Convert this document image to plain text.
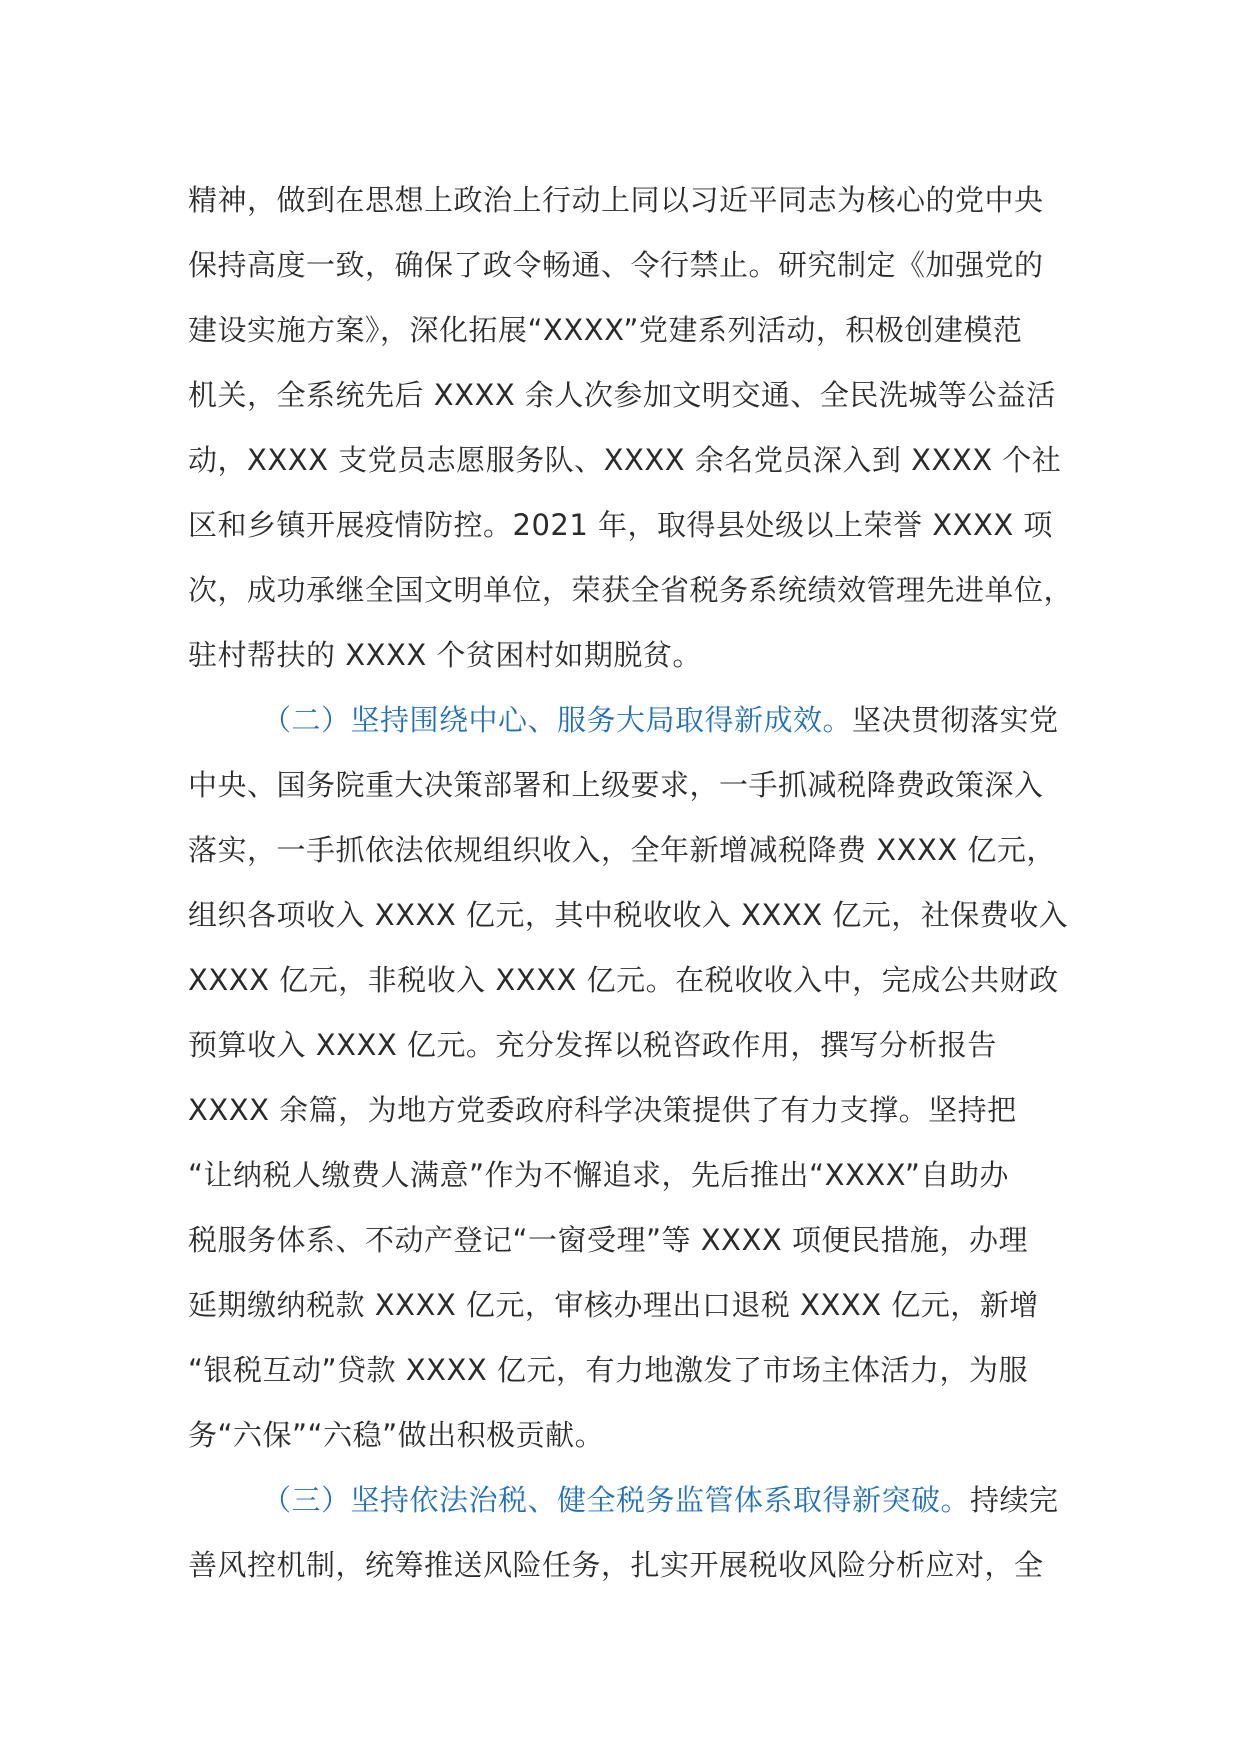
精神，做到在思想上政治上行动上同以习近平同志为核心的党中央
保持高度一致，确保了政令畅通、令行禁止。研究制定《加强党的
建设实施方案》，深化拓展“XXXX”党建系列活动，积极创建模范
机关，全系统先后 XXXX 余人次参加文明交通、全民洗城等公益活
动，XXXX 支党员志愿服务队、XXXX 余名党员深入到 XXXX 个社
区和乡镇开展疫情防控。2021 年，取得县处级以上荣誉 XXXX 项
次，成功承继全国文明单位，荣获全省税务系统绩效管理先进单位，
驻村帮扶的 XXXX 个贫困村如期脱贫。
（二）坚持围绕中心、服务大局取得新成效。坚决贯彻落实党
中央、国务院重大决策部署和上级要求，一手抓减税降费政策深入
落实，一手抓依法依规组织收入，全年新增减税降费 XXXX 亿元，
组织各项收入 XXXX 亿元，其中税收收入 XXXX 亿元，社保费收入
XXXX 亿元，非税收入 XXXX 亿元。在税收收入中，完成公共财政
预算收入 XXXX 亿元。充分发挥以税咨政作用，撰写分析报告
XXXX 余篇，为地方党委政府科学决策提供了有力支撑。坚持把
“让纳税人缴费人满意”作为不懈追求，先后推出“XXXX”自助办
税服务体系、不动产登记“一窗受理”等 XXXX 项便民措施，办理
延期缴纳税款 XXXX 亿元，审核办理出口退税 XXXX 亿元，新增
“银税互动”贷款 XXXX 亿元，有力地激发了市场主体活力，为服
务“六保”“六稳”做出积极贡献。
（三）坚持依法治税、健全税务监管体系取得新突破。持续完
善风控机制，统筹推送风险任务，扎实开展税收风险分析应对，全
